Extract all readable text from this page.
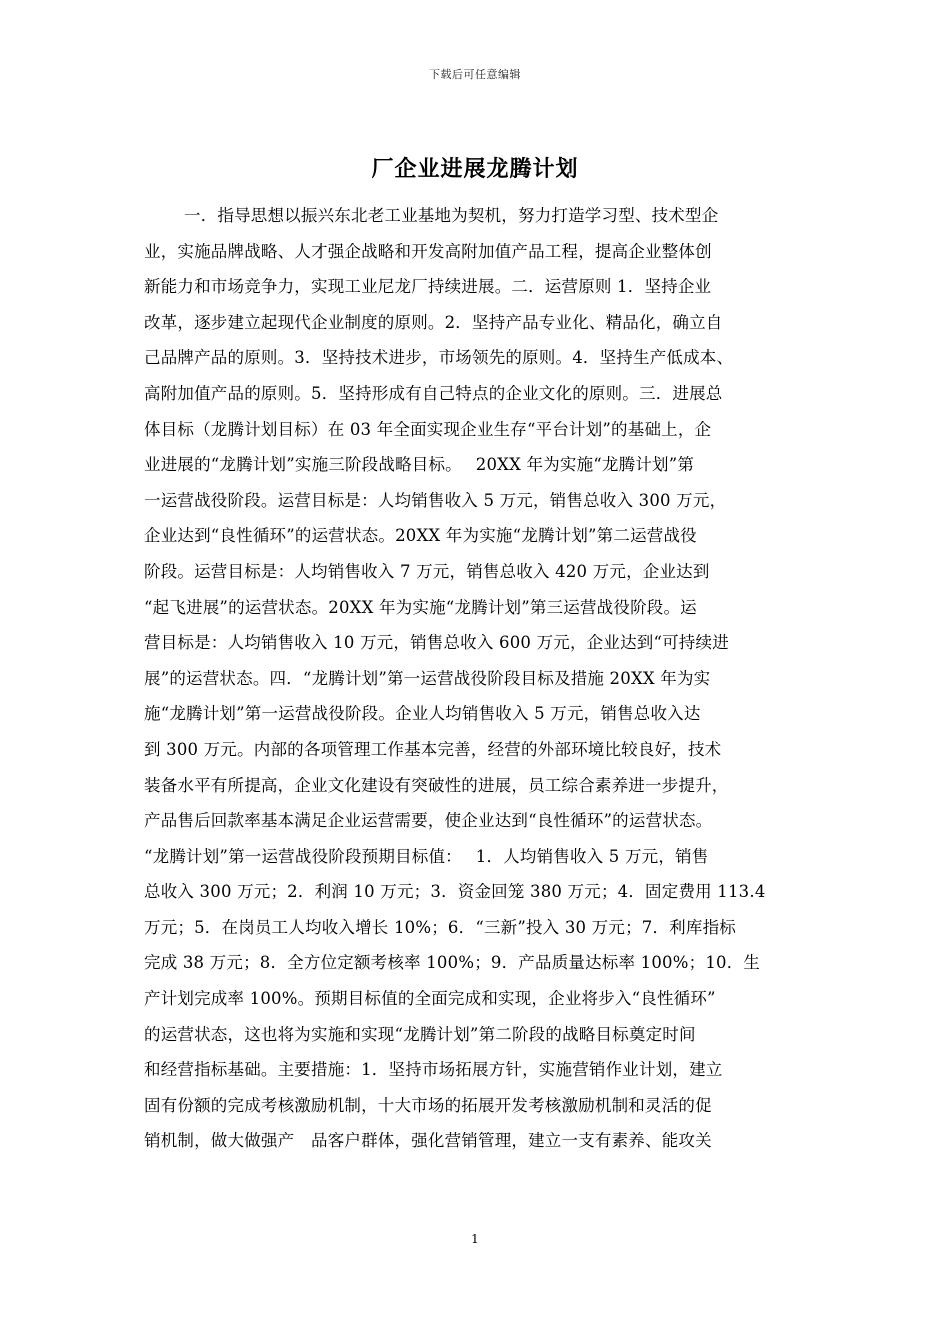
下载后可任意编辑
厂企业进展龙腾计划
一．指导思想以振兴东北老工业基地为契机，努力打造学习型、技术型企
业，实施品牌战略、人才强企战略和开发高附加值产品工程，提高企业整体创
新能力和市场竞争力，实现工业尼龙厂持续进展。二．运营原则 1．坚持企业
改革，逐步建立起现代企业制度的原则。2．坚持产品专业化、精品化，确立自
己品牌产品的原则。3．坚持技术进步，市场领先的原则。4．坚持生产低成本、
高附加值产品的原则。5．坚持形成有自己特点的企业文化的原则。三．进展总
体目标（龙腾计划目标）在 03 年全面实现企业生存“平台计划”的基础上，企
业进展的“龙腾计划”实施三阶段战略目标。　 20XX 年为实施“龙腾计划”第
一运营战役阶段。运营目标是：人均销售收入 5 万元，销售总收入 300 万元，
企业达到“良性循环”的运营状态。20XX 年为实施“龙腾计划”第二运营战役
阶段。运营目标是：人均销售收入 7 万元，销售总收入 420 万元，企业达到
“起飞进展”的运营状态。20XX 年为实施“龙腾计划”第三运营战役阶段。运
营目标是：人均销售收入 10 万元，销售总收入 600 万元，企业达到“可持续进
展”的运营状态。四．“龙腾计划”第一运营战役阶段目标及措施 20XX 年为实
施“龙腾计划”第一运营战役阶段。企业人均销售收入 5 万元，销售总收入达
到 300 万元。内部的各项管理工作基本完善，经营的外部环境比较良好，技术
装备水平有所提高，企业文化建设有突破性的进展，员工综合素养进一步提升，
产品售后回款率基本满足企业运营需要，使企业达到“良性循环”的运营状态。
“龙腾计划”第一运营战役阶段预期目标值：　 1．人均销售收入 5 万元，销售
总收入 300 万元；2．利润 10 万元；3．资金回笼 380 万元；4．固定费用 113.4
万元；5．在岗员工人均收入增长 10%；6．“三新”投入 30 万元；7．利库指标
完成 38 万元；8．全方位定额考核率 100%；9．产品质量达标率 100%；10．生
产计划完成率 100%。预期目标值的全面完成和实现，企业将步入“良性循环”
的运营状态，这也将为实施和实现“龙腾计划”第二阶段的战略目标奠定时间
和经营指标基础。主要措施：1．坚持市场拓展方针，实施营销作业计划，建立
固有份额的完成考核激励机制，十大市场的拓展开发考核激励机制和灵活的促
销机制，做大做强产　品客户群体，强化营销管理，建立一支有素养、能攻关
1
